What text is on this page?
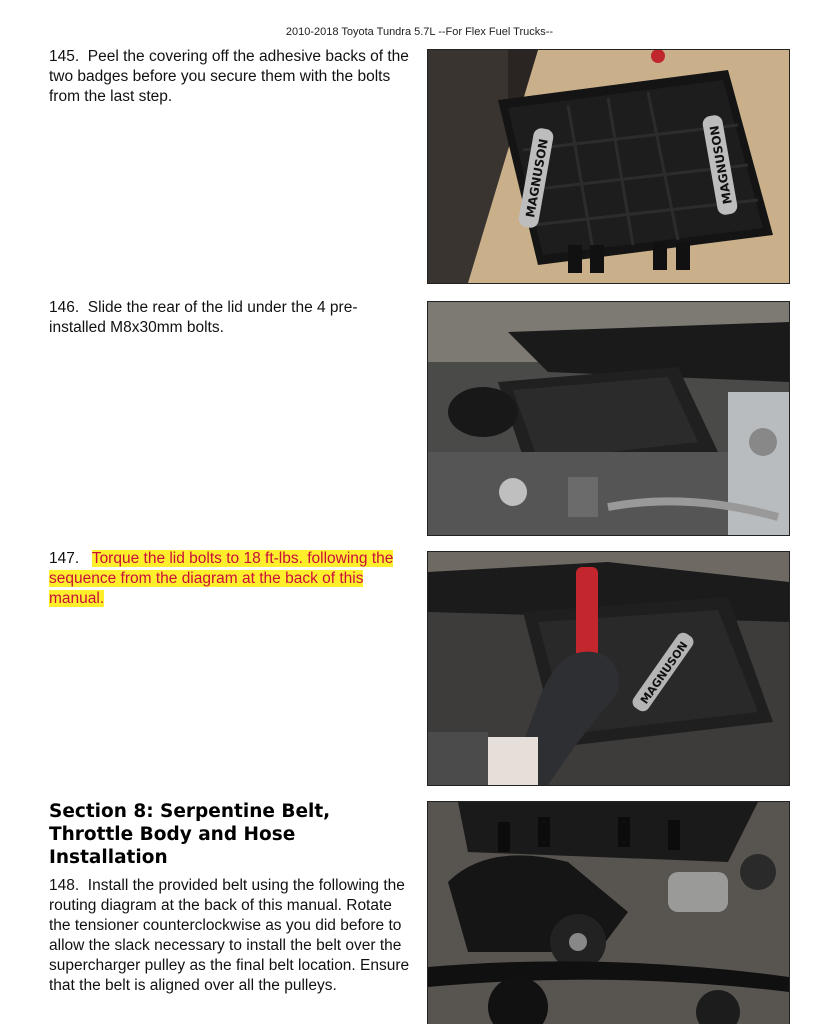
2010-2018 Toyota Tundra 5.7L --For Flex Fuel Trucks--
145. Peel the covering off the adhesive backs of the two badges before you secure them with the bolts from the last step.
MAGNUSON	MAGNUSON
146. Slide the rear of the lid under the 4 pre-installed M8x30mm bolts.
147. Torque the lid bolts to 18 ft-lbs. following the sequence from the diagram at the back of this manual.
MAGNUSON
Section 8: Serpentine Belt, Throttle Body and Hose Installation
148. Install the provided belt using the following the routing diagram at the back of this manual. Rotate the tensioner counterclockwise as you did before to allow the slack necessary to install the belt over the supercharger pulley as the final belt location. Ensure that the belt is aligned over all the pulleys.
